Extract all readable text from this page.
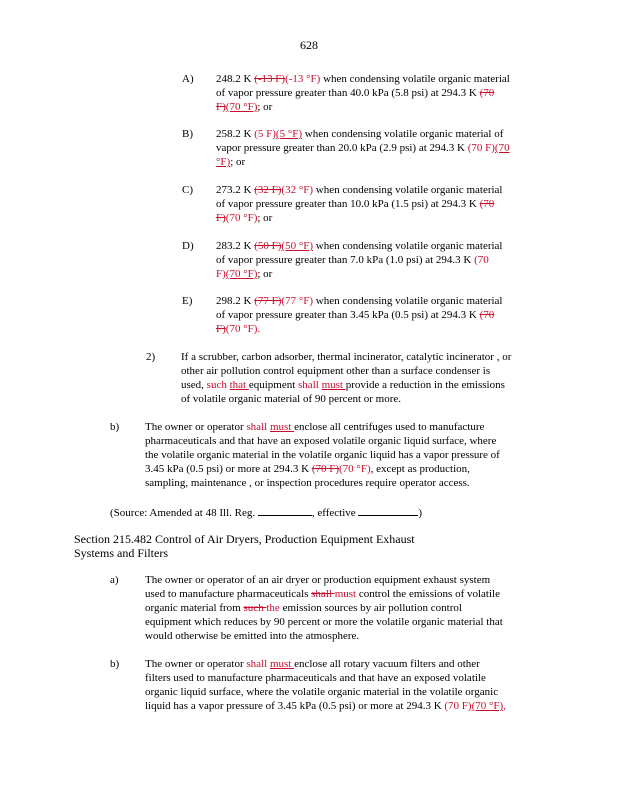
628
A) 248.2 K (-13 F)(-13 °F) when condensing volatile organic material
of vapor pressure greater than 40.0 kPa (5.8 psi) at 294.3 K (70
F)(70 °F); or
B) 258.2 K (5 F)(5 °F) when condensing volatile organic material of
vapor pressure greater than 20.0 kPa (2.9 psi) at 294.3 K (70 F)(70
°F); or
C) 273.2 K (32 F)(32 °F) when condensing volatile organic material
of vapor pressure greater than 10.0 kPa (1.5 psi) at 294.3 K (70
F)(70 °F); or
D) 283.2 K (50 F)(50 °F) when condensing volatile organic material
of vapor pressure greater than 7.0 kPa (1.0 psi) at 294.3 K (70
F)(70 °F); or
E) 298.2 K (77 F)(77 °F) when condensing volatile organic material
of vapor pressure greater than 3.45 kPa (0.5 psi) at 294.3 K (70
F)(70 °F).
2) If a scrubber, carbon adsorber, thermal incinerator, catalytic incinerator , or
other air pollution control equipment other than a surface condenser is
used, such that equipment shall must provide a reduction in the emissions
of volatile organic material of 90 percent or more.
b) The owner or operator shall must enclose all centrifuges used to manufacture
pharmaceuticals and that have an exposed volatile organic liquid surface, where
the volatile organic material in the volatile organic liquid has a vapor pressure of
3.45 kPa (0.5 psi) or more at 294.3 K (70 F)(70 °F), except as production,
sampling, maintenance , or inspection procedures require operator access.
(Source: Amended at 48 Ill. Reg.	, effective	)
Section 215.482 Control of Air Dryers, Production Equipment Exhaust
Systems and Filters
a) The owner or operator of an air dryer or production equipment exhaust system
used to manufacture pharmaceuticals shall must control the emissions of volatile
organic material from such the emission sources by air pollution control
equipment which reduces by 90 percent or more the volatile organic material that
would otherwise be emitted into the atmosphere.
b) The owner or operator shall must enclose all rotary vacuum filters and other
filters used to manufacture pharmaceuticals and that have an exposed volatile
organic liquid surface, where the volatile organic material in the volatile organic
liquid has a vapor pressure of 3.45 kPa (0.5 psi) or more at 294.3 K (70 F)(70 °F),
